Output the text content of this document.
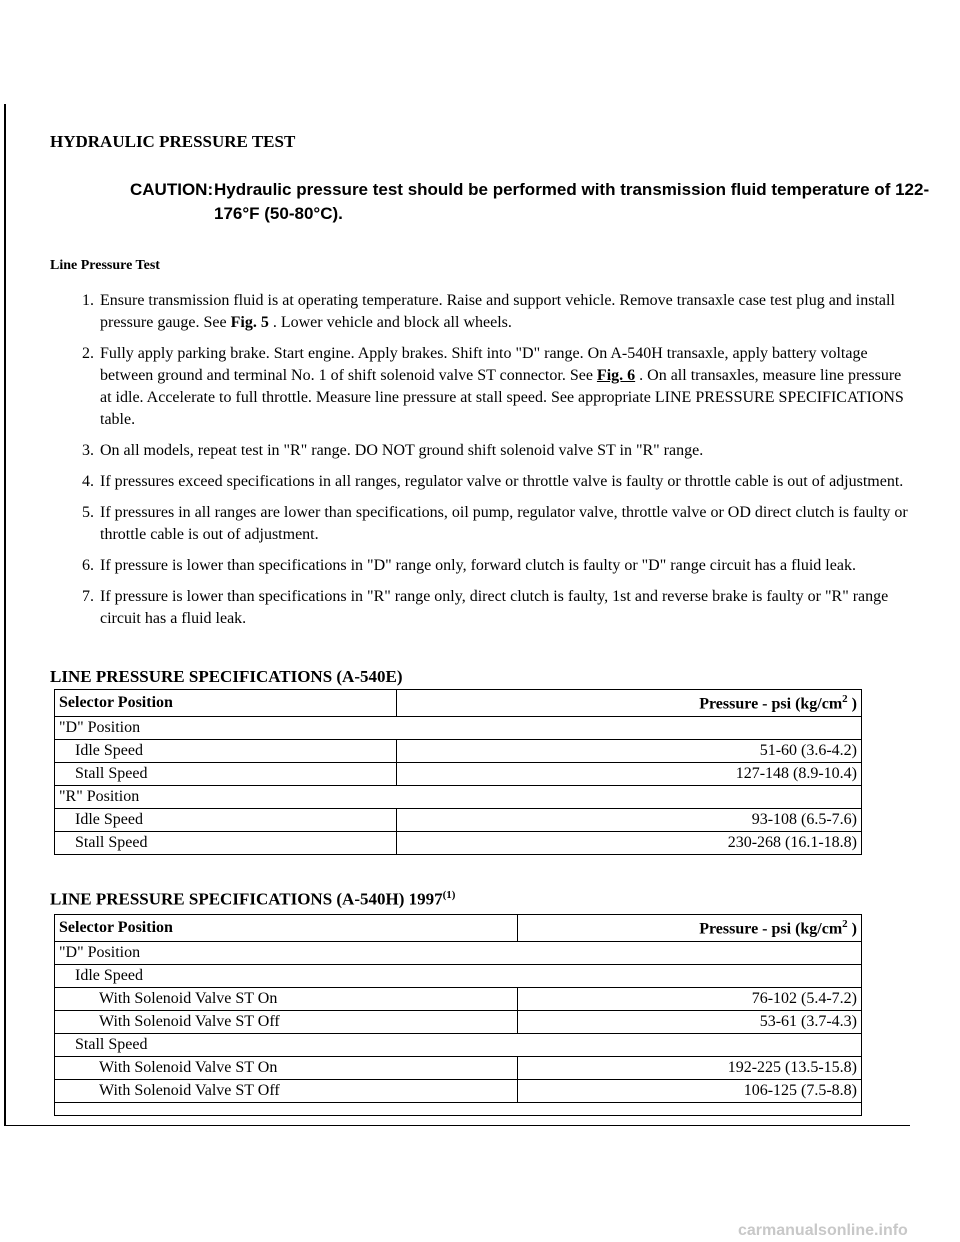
HYDRAULIC PRESSURE TEST
CAUTION:Hydraulic pressure test should be performed with transmission fluid temperature of 122-176°F (50-80°C).
Line Pressure Test
1. Ensure transmission fluid is at operating temperature. Raise and support vehicle. Remove transaxle case test plug and install pressure gauge. See Fig. 5 . Lower vehicle and block all wheels.
2. Fully apply parking brake. Start engine. Apply brakes. Shift into "D" range. On A-540H transaxle, apply battery voltage between ground and terminal No. 1 of shift solenoid valve ST connector. See Fig. 6 . On all transaxles, measure line pressure at idle. Accelerate to full throttle. Measure line pressure at stall speed. See appropriate LINE PRESSURE SPECIFICATIONS table.
3. On all models, repeat test in "R" range. DO NOT ground shift solenoid valve ST in "R" range.
4. If pressures exceed specifications in all ranges, regulator valve or throttle valve is faulty or throttle cable is out of adjustment.
5. If pressures in all ranges are lower than specifications, oil pump, regulator valve, throttle valve or OD direct clutch is faulty or throttle cable is out of adjustment.
6. If pressure is lower than specifications in "D" range only, forward clutch is faulty or "D" range circuit has a fluid leak.
7. If pressure is lower than specifications in "R" range only, direct clutch is faulty, 1st and reverse brake is faulty or "R" range circuit has a fluid leak.
LINE PRESSURE SPECIFICATIONS (A-540E)
Selector Position	Pressure - psi ($kg/cm^2$ )
"D" Position	
Idle Speed	51-60 (3.6-4.2)
Stall Speed	127-148 (8.9-10.4)
"R" Position	
Idle Speed	93-108 (6.5-7.6)
Stall Speed	230-268 (16.1-18.8)
LINE PRESSURE SPECIFICATIONS (A-540H) 1997$^{(1)}$
Selector Position	Pressure - psi ($kg/cm^2$ )
"D" Position	
Idle Speed	
With Solenoid Valve ST On	76-102 (5.4-7.2)
With Solenoid Valve ST Off	53-61 (3.7-4.3)
Stall Speed	
With Solenoid Valve ST On	192-225 (13.5-15.8)
With Solenoid Valve ST Off	106-125 (7.5-8.8)

carmanualsonline.info
